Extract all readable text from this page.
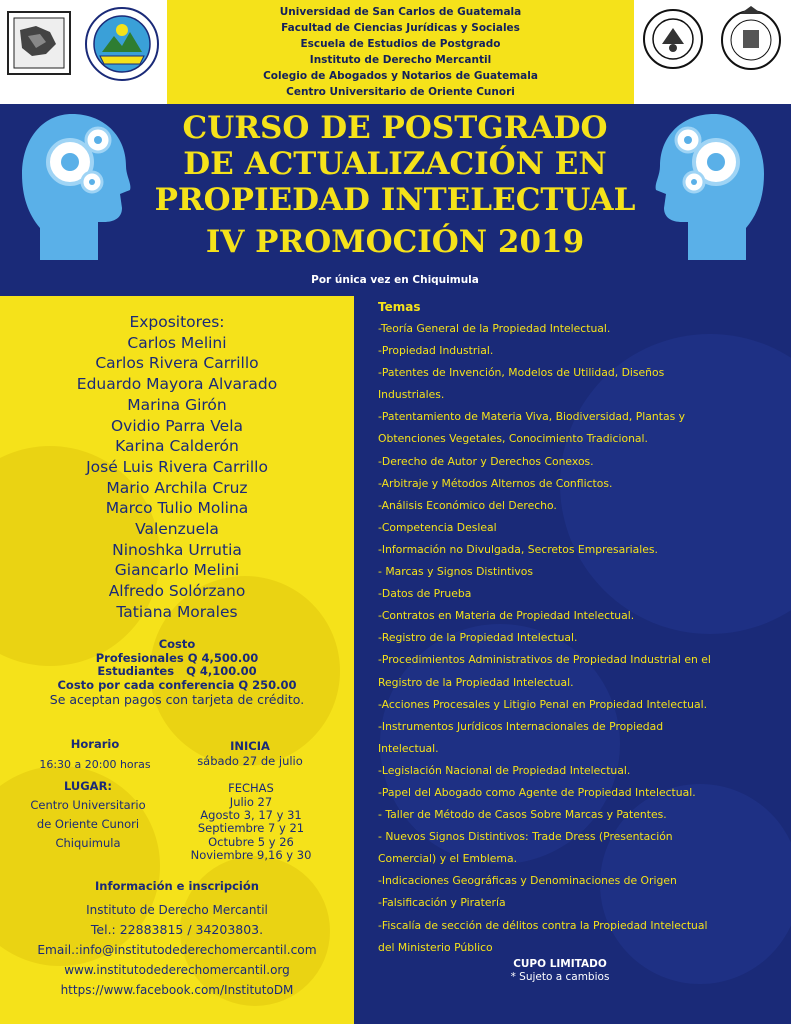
Universidad de San Carlos de Guatemala
Facultad de Ciencias Jurídicas y Sociales
Escuela de Estudios de Postgrado
Instituto de Derecho Mercantil
Colegio de Abogados y Notarios de Guatemala
Centro Universitario de Oriente Cunori
CURSO DE POSTGRADO
DE ACTUALIZACIÓN EN
PROPIEDAD INTELECTUAL
IV PROMOCIÓN 2019
Por única vez en Chiquimula
Expositores:
Carlos Melini
Carlos Rivera Carrillo
Eduardo Mayora Alvarado
Marina Girón
Ovidio Parra Vela
Karina Calderón
José Luis Rivera Carrillo
Mario Archila Cruz
Marco Tulio Molina
Valenzuela
Ninoshka Urrutia
Giancarlo Melini
Alfredo Solórzano
Tatiana Morales
Costo
Profesionales Q 4,500.00
Estudiantes   Q 4,100.00
Costo por cada conferencia Q 250.00
Se aceptan pagos con tarjeta de crédito.
Horario
16:30 a 20:00 horas
INICIA
sábado 27 de julio
LUGAR:
Centro Universitario
de Oriente Cunori
Chiquimula
FECHAS
Julio 27
Agosto 3, 17 y 31
Septiembre 7 y 21
Octubre 5 y 26
Noviembre 9,16 y 30
Información e inscripción
Instituto de Derecho Mercantil
Tel.: 22883815 / 34203803.
Email.:info@institutodederechomercantil.com
www.institutodederechomercantil.org
https://www.facebook.com/InstitutoDM
Temas
-Teoría General de la Propiedad Intelectual.
-Propiedad Industrial.
-Patentes de Invención, Modelos de Utilidad, Diseños
Industriales.
-Patentamiento de Materia Viva, Biodiversidad, Plantas y
Obtenciones Vegetales, Conocimiento Tradicional.
-Derecho de Autor y Derechos Conexos.
-Arbitraje y Métodos Alternos de Conflictos.
-Análisis Económico del Derecho.
-Competencia Desleal
-Información no Divulgada, Secretos Empresariales.
- Marcas y Signos Distintivos
-Datos de Prueba
-Contratos en Materia de Propiedad Intelectual.
-Registro de la Propiedad Intelectual.
-Procedimientos Administrativos de Propiedad Industrial en el
Registro de la Propiedad Intelectual.
-Acciones Procesales y Litigio Penal en Propiedad Intelectual.
-Instrumentos Jurídicos Internacionales de Propiedad
Intelectual.
-Legislación Nacional de Propiedad Intelectual.
-Papel del Abogado como Agente de Propiedad Intelectual.
- Taller de Método de Casos Sobre Marcas y Patentes.
- Nuevos Signos Distintivos: Trade Dress (Presentación
Comercial) y el Emblema.
-Indicaciones Geográficas y Denominaciones de Origen
-Falsificación y Piratería
-Fiscalía de sección de délitos contra la Propiedad Intelectual
del Ministerio Público
CUPO LIMITADO
* Sujeto a cambios
